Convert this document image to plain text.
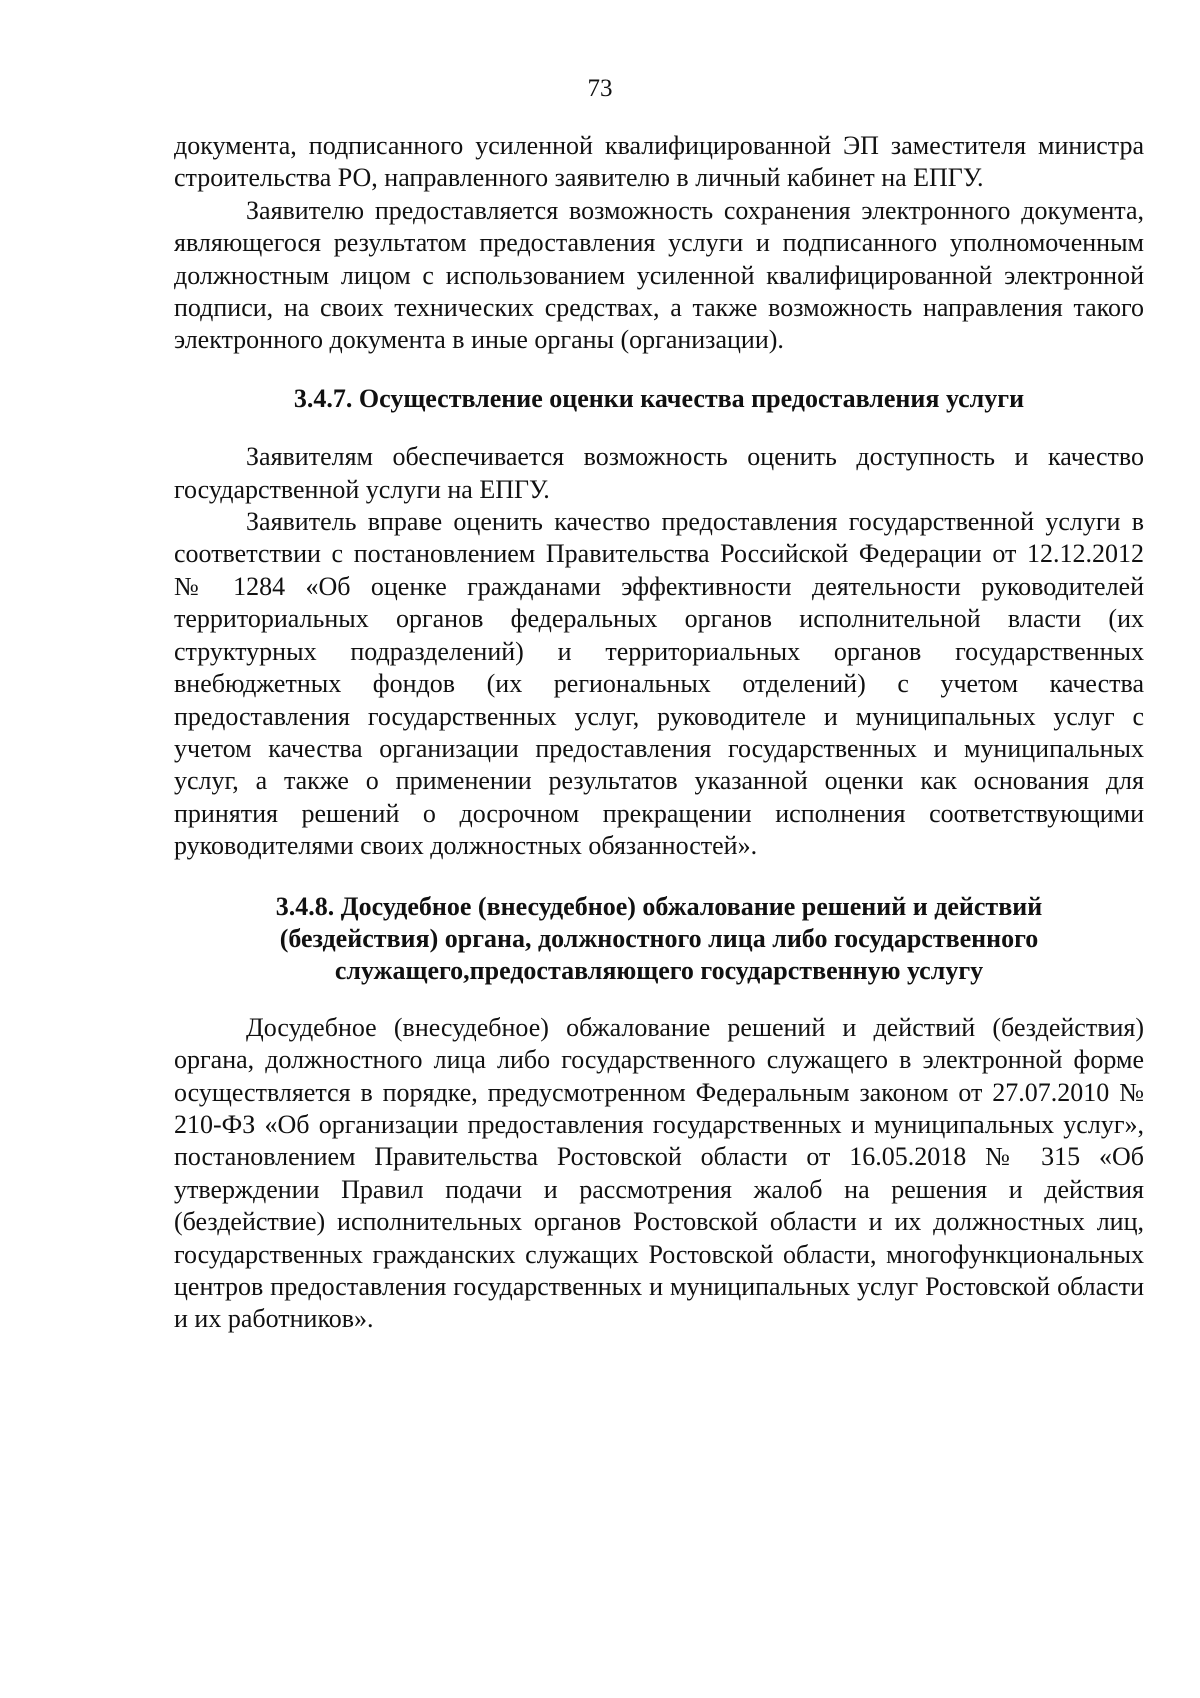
73

документа, подписанного усиленной квалифицированной ЭП заместителя министра строительства РО, направленного заявителю в личный кабинет на ЕПГУ.

Заявителю предоставляется возможность сохранения электронного документа, являющегося результатом предоставления услуги и подписанного уполномоченным должностным лицом с использованием усиленной квалифицированной электронной подписи, на своих технических средствах, а также возможность направления такого электронного документа в иные органы (организации).

3.4.7. Осуществление оценки качества предоставления услуги

Заявителям обеспечивается возможность оценить доступность и качество государственной услуги на ЕПГУ.

Заявитель вправе оценить качество предоставления государственной услуги в соответствии с постановлением Правительства Российской Федерации от 12.12.2012 № 1284 «Об оценке гражданами эффективности деятельности руководителей территориальных органов федеральных органов исполнительной власти (их структурных подразделений) и территориальных органов государственных внебюджетных фондов (их региональных отделений) с учетом качества предоставления государственных услуг, руководителе и муниципальных услуг с учетом качества организации предоставления государственных и муниципальных услуг, а также о применении результатов указанной оценки как основания для принятия решений о досрочном прекращении исполнения соответствующими руководителями своих должностных обязанностей».

3.4.8. Досудебное (внесудебное) обжалование решений и действий
(бездействия) органа, должностного лица либо государственного
служащего,предоставляющего государственную услугу

Досудебное (внесудебное) обжалование решений и действий (бездействия) органа, должностного лица либо государственного служащего в электронной форме осуществляется в порядке, предусмотренном Федеральным законом от 27.07.2010 № 210-ФЗ «Об организации предоставления государственных и муниципальных услуг», постановлением Правительства Ростовской области от 16.05.2018 № 315 «Об утверждении Правил подачи и рассмотрения жалоб на решения и действия (бездействие) исполнительных органов Ростовской области и их должностных лиц, государственных гражданских служащих Ростовской области, многофункциональных центров предоставления государственных и муниципальных услуг Ростовской области и их работников».
